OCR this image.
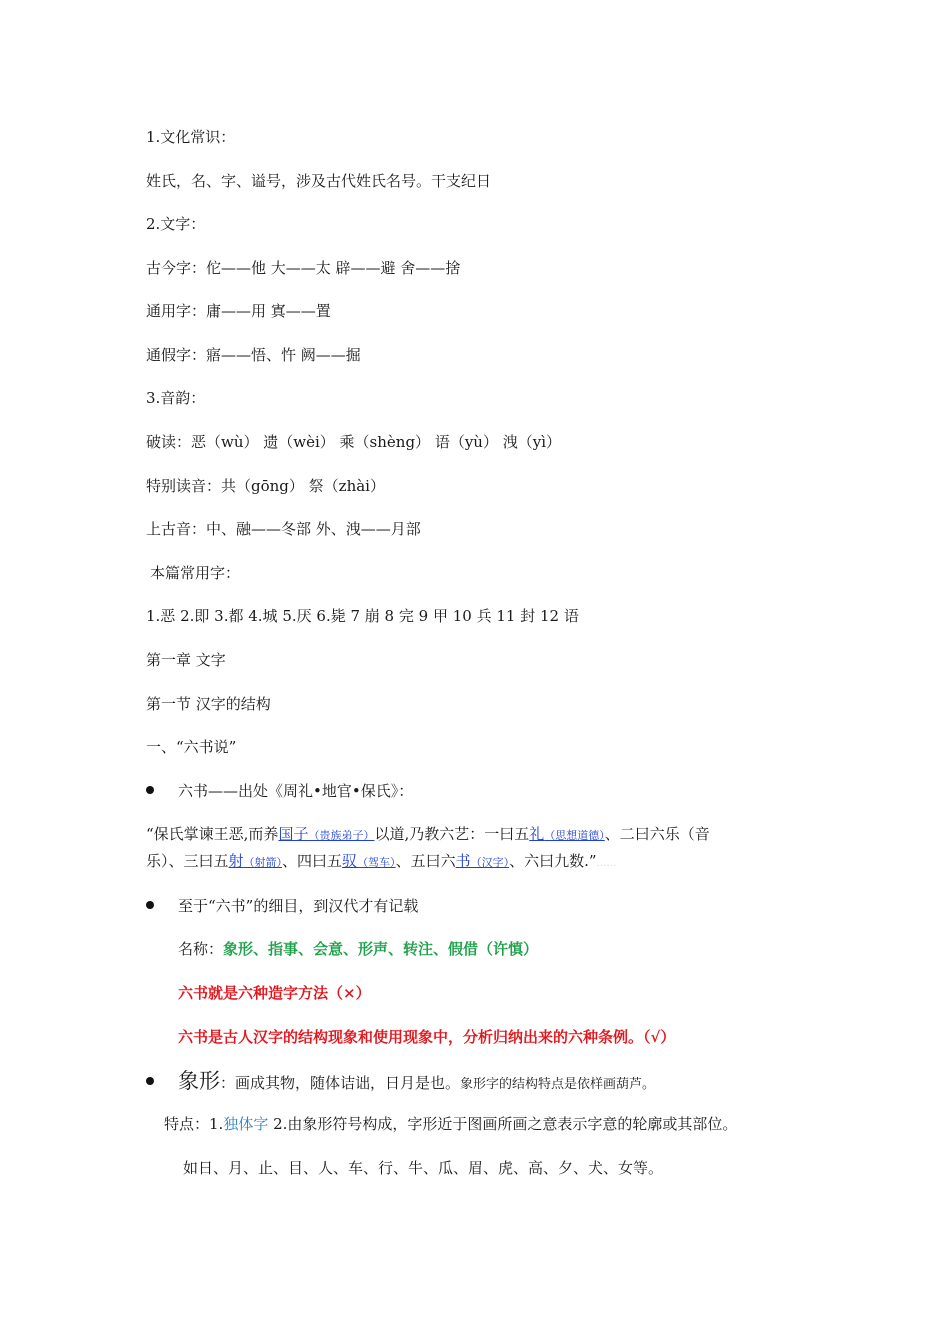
1.文化常识：
姓氏，名、字、谥号，涉及古代姓氏名号。干支纪日
2.文字：
古今字：佗——他 大——太 辟——避 舍——捨
通用字：庸——用 寘——置
通假字：寤——悟、忤 阙——掘
3.音韵：
破读：恶（wù） 遗（wèi） 乘（shèng） 语（yù） 洩（yì）
特别读音：共（gōng） 祭（zhài）
上古音：中、融——冬部 外、洩——月部
本篇常用字：
1.恶 2.即 3.都 4.城 5.厌 6.毙 7 崩 8 完 9 甲 10 兵 11 封 12 语
第一章 文字
第一节 汉字的结构
一、“六书说”
六书——出处《周礼•地官•保氏》：
“保氏掌谏王恶,而养国子（贵族弟子）以道,乃教六艺：一曰五礼（思想道德）、二曰六乐（音
乐）、三曰五射（射箭）、四曰五驭（驾车）、五曰六书（汉字）、六曰九数.”……
至于“六书”的细目，到汉代才有记载
名称：象形、指事、会意、形声、转注、假借（许慎）
六书就是六种造字方法（×）
六书是古人汉字的结构现象和使用现象中，分析归纳出来的六种条例。（√）
象形：画成其物，随体诘诎，日月是也。象形字的结构特点是依样画葫芦。
特点：1.独体字 2.由象形符号构成，字形近于图画所画之意表示字意的轮廓或其部位。
如日、月、止、目、人、车、行、牛、瓜、眉、虎、高、夕、犬、女等。
